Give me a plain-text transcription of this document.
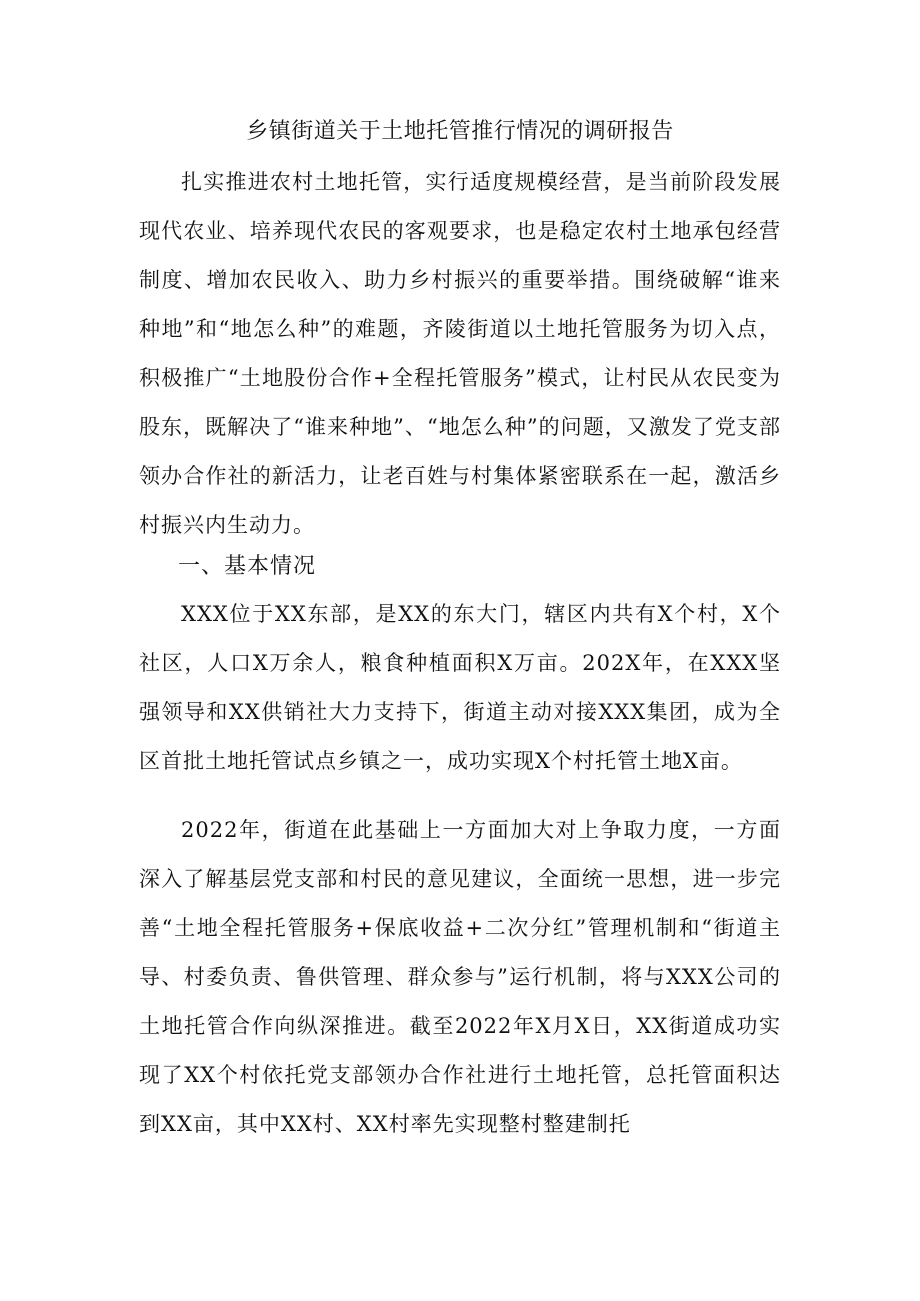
乡镇街道关于土地托管推行情况的调研报告

扎实推进农村土地托管，实行适度规模经营，是当前阶段发展现代农业、培养现代农民的客观要求，也是稳定农村土地承包经营制度、增加农民收入、助力乡村振兴的重要举措。围绕破解“谁来种地”和“地怎么种”的难题，齐陵街道以土地托管服务为切入点，积极推广“土地股份合作+全程托管服务”模式，让村民从农民变为股东，既解决了“谁来种地”、“地怎么种”的问题，又激发了党支部领办合作社的新活力，让老百姓与村集体紧密联系在一起，激活乡村振兴内生动力。

一、基本情况

XXX位于XX东部，是XX的东大门，辖区内共有X个村，X个社区，人口X万余人，粮食种植面积X万亩。202X年，在XXX坚强领导和XX供销社大力支持下，街道主动对接XXX集团，成为全区首批土地托管试点乡镇之一，成功实现X个村托管土地X亩。

2022年，街道在此基础上一方面加大对上争取力度，一方面深入了解基层党支部和村民的意见建议，全面统一思想，进一步完善“土地全程托管服务+保底收益+二次分红”管理机制和“街道主导、村委负责、鲁供管理、群众参与”运行机制，将与XXX公司的土地托管合作向纵深推进。截至2022年X月X日，XX街道成功实现了XX个村依托党支部领办合作社进行土地托管，总托管面积达到XX亩，其中XX村、XX村率先实现整村整建制托
